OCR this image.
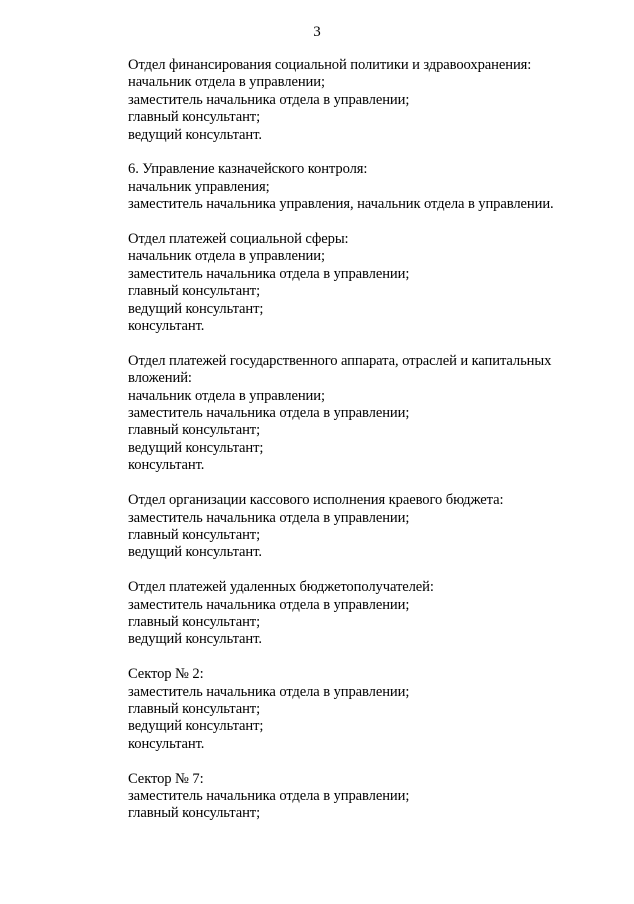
3
Отдел финансирования социальной политики и здравоохранения:
начальник отдела в управлении;
заместитель начальника отдела в управлении;
главный консультант;
ведущий консультант.
6. Управление казначейского контроля:
начальник управления;
заместитель начальника управления, начальник отдела в управлении.
Отдел платежей социальной сферы:
начальник отдела в управлении;
заместитель начальника отдела в управлении;
главный консультант;
ведущий консультант;
консультант.
Отдел платежей государственного аппарата, отраслей и капитальных
вложений:
начальник отдела в управлении;
заместитель начальника отдела в управлении;
главный консультант;
ведущий консультант;
консультант.
Отдел организации кассового исполнения краевого бюджета:
заместитель начальника отдела в управлении;
главный консультант;
ведущий консультант.
Отдел платежей удаленных бюджетополучателей:
заместитель начальника отдела в управлении;
главный консультант;
ведущий консультант.
Сектор № 2:
заместитель начальника отдела в управлении;
главный консультант;
ведущий консультант;
консультант.
Сектор № 7:
заместитель начальника отдела в управлении;
главный консультант;
